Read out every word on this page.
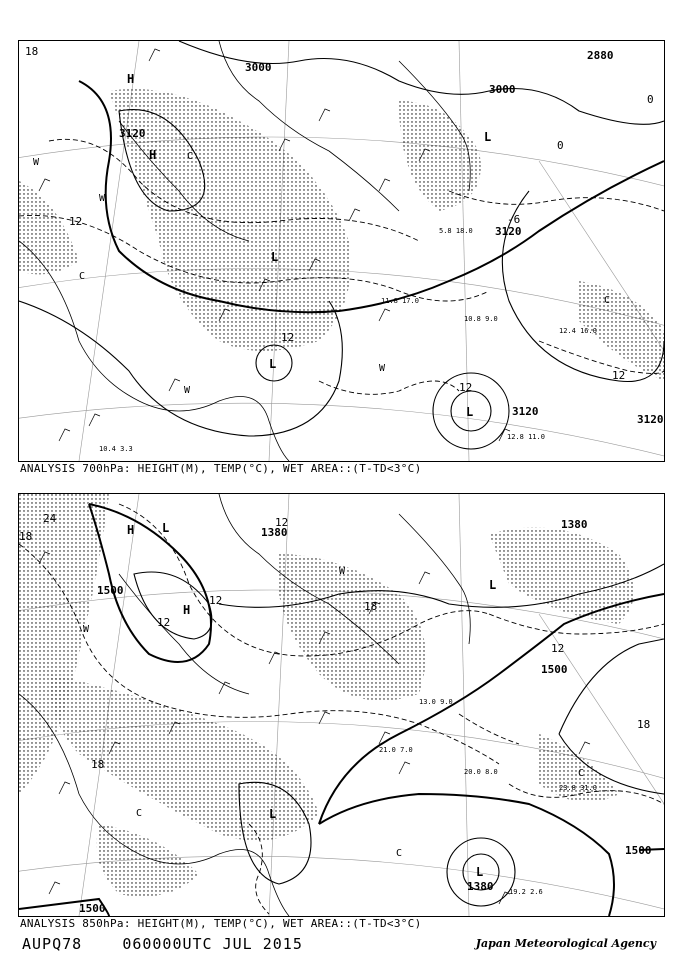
3000
3000
2880
3120
3120
3120
3120
0
0
-6
12
12
12
12
18
H
H
L
L
L
L
W
W
W
W
C
C
C
10.8 9.0
12.8 11.0
12.4 16.0
10.4 3.3
11.8 17.0
5.8 18.0
ANALYSIS 700hPa: HEIGHT(M), TEMP(°C), WET AREA::(T-TD<3°C)
1500
1500
1500
1500
1380
1380
1380
24
18
18
18
18
12
12
12
12
H
H
L
L
L
L
W
W
C
C
C
20.0 8.0
23.8 31.0
19.2 2.6
13.0 9.0
21.0 7.0
ANALYSIS 850hPa: HEIGHT(M), TEMP(°C), WET AREA::(T-TD<3°C)
AUPQ78	060000UTC JUL 2015	Japan Meteorological Agency
